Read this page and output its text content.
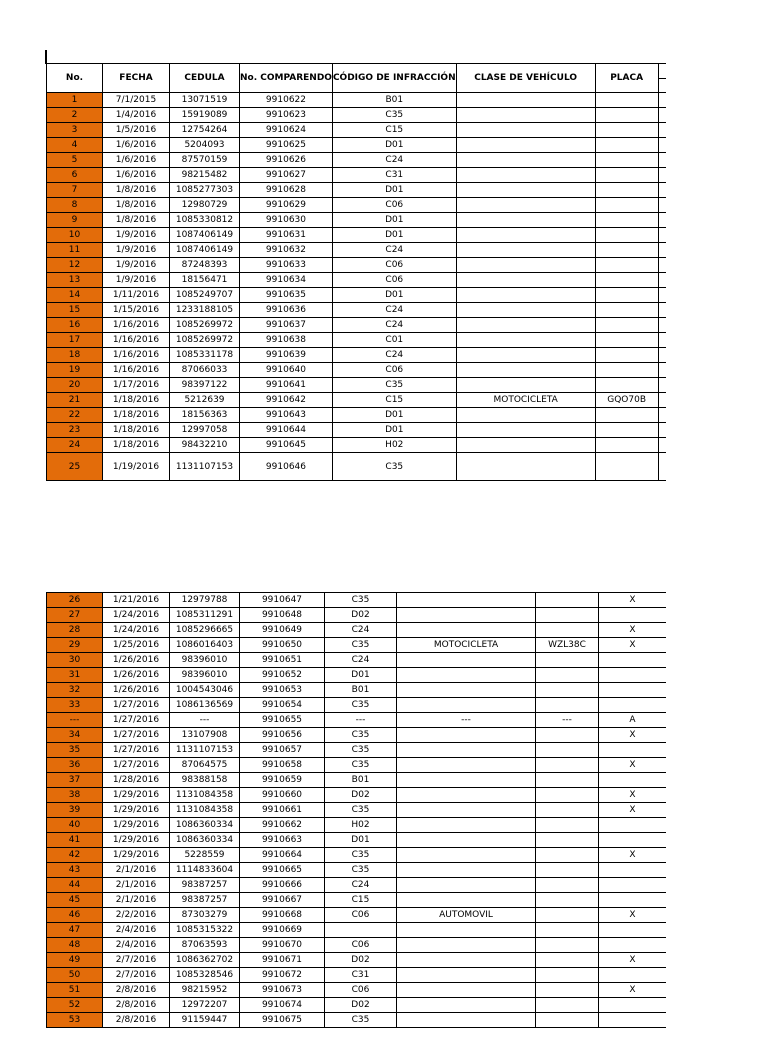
No.	FECHA	CEDULA	No. COMPARENDO	CÓDIGO DE INFRACCIÓN	CLASE DE VEHÍCULO	PLACA	

1	7/1/2015	13071519	9910622	B01			
2	1/4/2016	15919089	9910623	C35			
3	1/5/2016	12754264	9910624	C15			
4	1/6/2016	5204093	9910625	D01			
5	1/6/2016	87570159	9910626	C24			
6	1/6/2016	98215482	9910627	C31			
7	1/8/2016	1085277303	9910628	D01			
8	1/8/2016	12980729	9910629	C06			
9	1/8/2016	1085330812	9910630	D01			
10	1/9/2016	1087406149	9910631	D01			
11	1/9/2016	1087406149	9910632	C24			
12	1/9/2016	87248393	9910633	C06			
13	1/9/2016	18156471	9910634	C06			
14	1/11/2016	1085249707	9910635	D01			
15	1/15/2016	1233188105	9910636	C24			
16	1/16/2016	1085269972	9910637	C24			
17	1/16/2016	1085269972	9910638	C01			
18	1/16/2016	1085331178	9910639	C24			
19	1/16/2016	87066033	9910640	C06			
20	1/17/2016	98397122	9910641	C35			
21	1/18/2016	5212639	9910642	C15	MOTOCICLETA	GQO70B	
22	1/18/2016	18156363	9910643	D01			
23	1/18/2016	12997058	9910644	D01			
24	1/18/2016	98432210	9910645	H02			
25	1/19/2016	1131107153	9910646	C35			
26	1/21/2016	12979788	9910647	C35			X
27	1/24/2016	1085311291	9910648	D02			
28	1/24/2016	1085296665	9910649	C24			X
29	1/25/2016	1086016403	9910650	C35	MOTOCICLETA	WZL38C	X
30	1/26/2016	98396010	9910651	C24			
31	1/26/2016	98396010	9910652	D01			
32	1/26/2016	1004543046	9910653	B01			
33	1/27/2016	1086136569	9910654	C35			
---	1/27/2016	---	9910655	---	---	---	A
34	1/27/2016	13107908	9910656	C35			X
35	1/27/2016	1131107153	9910657	C35			
36	1/27/2016	87064575	9910658	C35			X
37	1/28/2016	98388158	9910659	B01			
38	1/29/2016	1131084358	9910660	D02			X
39	1/29/2016	1131084358	9910661	C35			X
40	1/29/2016	1086360334	9910662	H02			
41	1/29/2016	1086360334	9910663	D01			
42	1/29/2016	5228559	9910664	C35			X
43	2/1/2016	1114833604	9910665	C35			
44	2/1/2016	98387257	9910666	C24			
45	2/1/2016	98387257	9910667	C15			
46	2/2/2016	87303279	9910668	C06	AUTOMOVIL		X
47	2/4/2016	1085315322	9910669				
48	2/4/2016	87063593	9910670	C06			
49	2/7/2016	1086362702	9910671	D02			X
50	2/7/2016	1085328546	9910672	C31			
51	2/8/2016	98215952	9910673	C06			X
52	2/8/2016	12972207	9910674	D02			
53	2/8/2016	91159447	9910675	C35			
